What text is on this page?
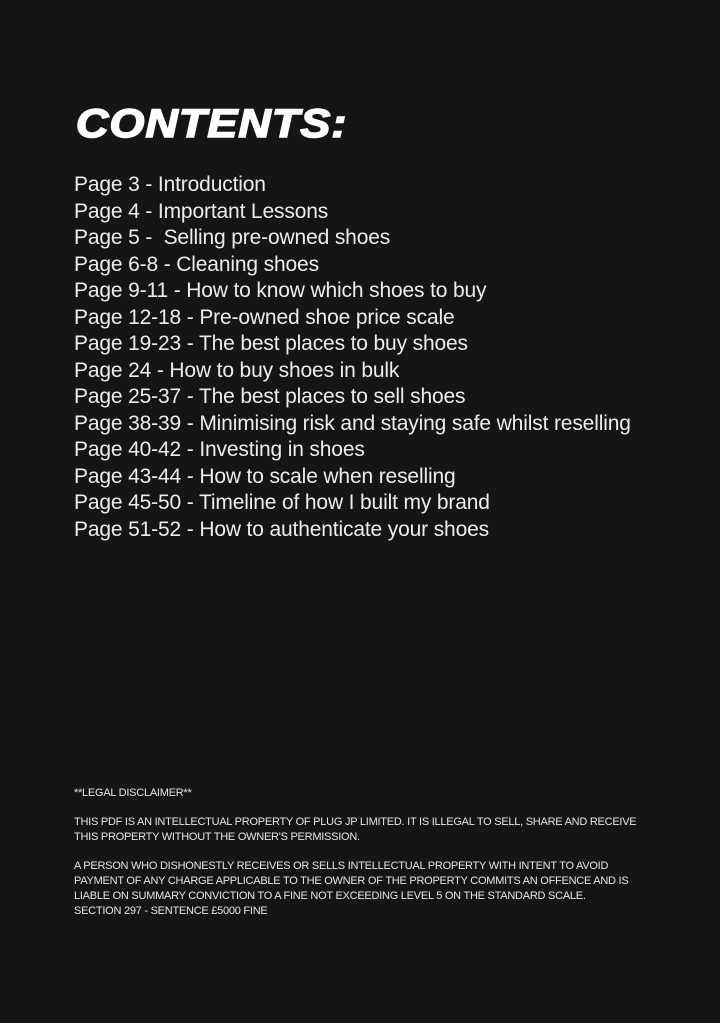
CONTENTS:
Page 3 - Introduction
Page 4 - Important Lessons
Page 5 -  Selling pre-owned shoes
Page 6-8 - Cleaning shoes
Page 9-11 - How to know which shoes to buy
Page 12-18 - Pre-owned shoe price scale
Page 19-23 - The best places to buy shoes
Page 24 - How to buy shoes in bulk
Page 25-37 - The best places to sell shoes
Page 38-39 - Minimising risk and staying safe whilst reselling
Page 40-42 - Investing in shoes
Page 43-44 - How to scale when reselling
Page 45-50 - Timeline of how I built my brand
Page 51-52 - How to authenticate your shoes

**LEGAL DISCLAIMER**

THIS PDF IS AN INTELLECTUAL PROPERTY OF PLUG JP LIMITED. IT IS ILLEGAL TO SELL, SHARE AND RECEIVE
THIS PROPERTY WITHOUT THE OWNER'S PERMISSION.

A PERSON WHO DISHONESTLY RECEIVES OR SELLS INTELLECTUAL PROPERTY WITH INTENT TO AVOID
PAYMENT OF ANY CHARGE APPLICABLE TO THE OWNER OF THE PROPERTY COMMITS AN OFFENCE AND IS
LIABLE ON SUMMARY CONVICTION TO A FINE NOT EXCEEDING LEVEL 5 ON THE STANDARD SCALE.
SECTION 297 - SENTENCE £5000 FINE
